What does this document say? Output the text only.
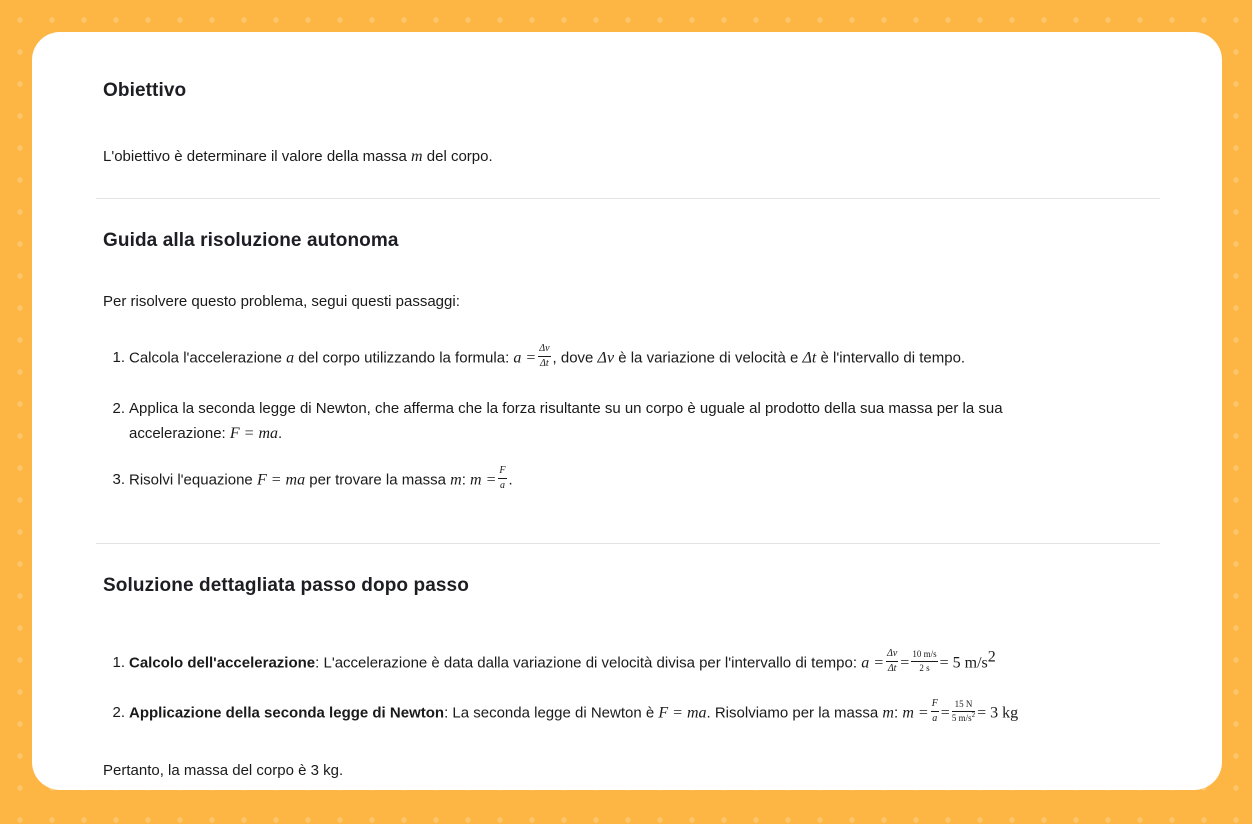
Obiettivo

L'obiettivo è determinare il valore della massa m del corpo.

Guida alla risoluzione autonoma

Per risolvere questo problema, segui questi passaggi:

1. Calcola l'accelerazione a del corpo utilizzando la formula: $a = \frac{\Delta v}{\Delta t}$ , dove Δv è la variazione di velocità e Δt è l'intervallo di tempo.

2. Applica la seconda legge di Newton, che afferma che la forza risultante su un corpo è uguale al prodotto della sua massa per la sua

accelerazione: F = ma.

3. Risolvi l'equazione F = ma per trovare la massa m: $m = \frac{F}{a}$ .

Soluzione dettagliata passo dopo passo

1. Calcolo dell'accelerazione: L'accelerazione è data dalla variazione di velocità divisa per l'intervallo di tempo: $a = \frac{\Delta v}{\Delta t} = \frac{10 m/s}{2 s} = 5$ $m/s^2$

2. Applicazione della seconda legge di Newton: La seconda legge di Newton è F = ma. Risolviamo per la massa m: $m = \frac{F}{a} = \frac{15 N}{5 m/s^2} = 3$ kg

Pertanto, la massa del corpo è 3 kg.
